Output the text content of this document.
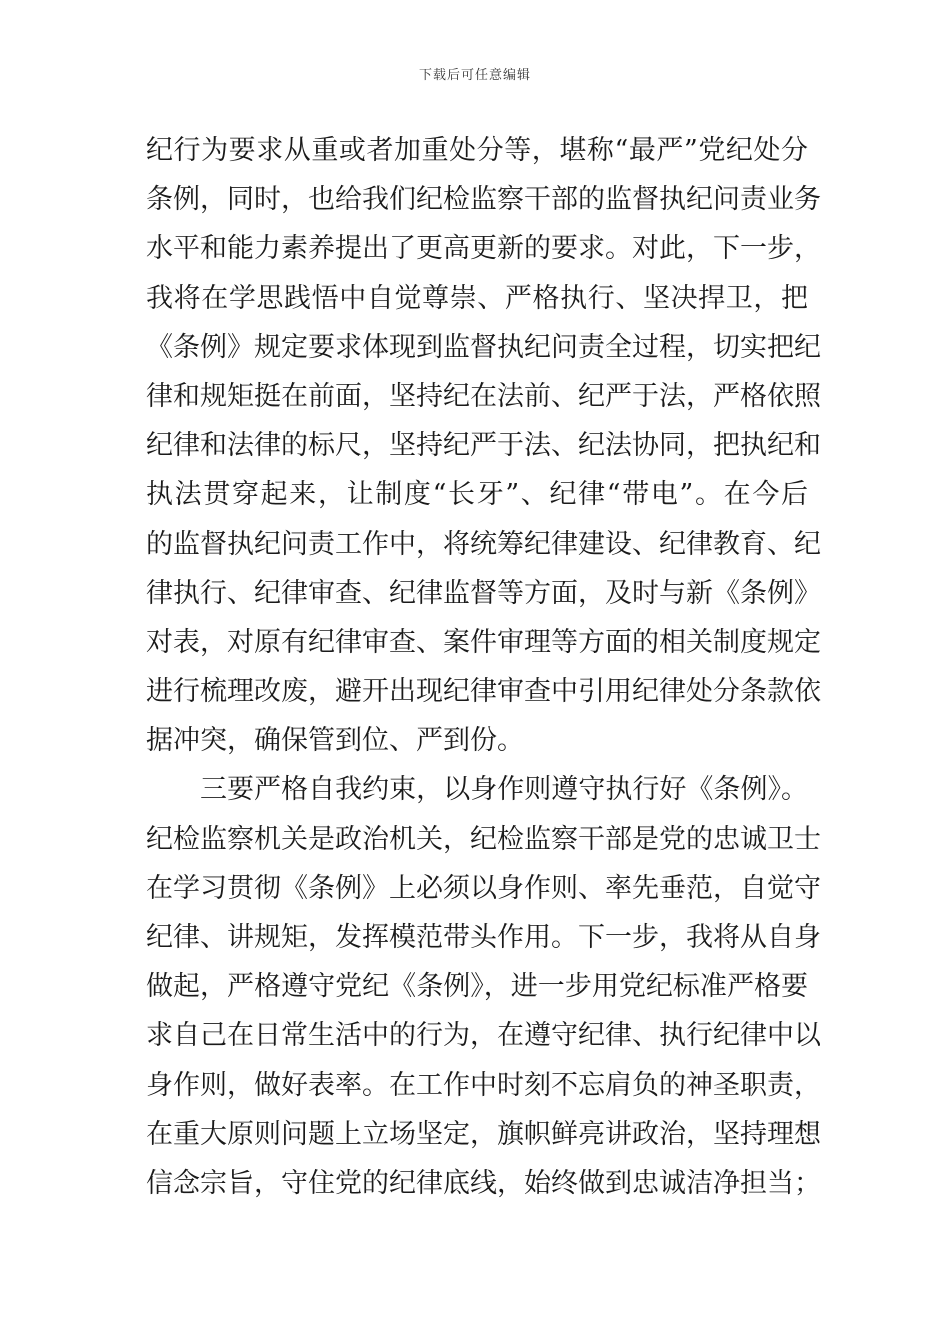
下载后可任意编辑
纪行为要求从重或者加重处分等，堪称“最严”党纪处分
条例，同时，也给我们纪检监察干部的监督执纪问责业务
水平和能力素养提出了更高更新的要求。对此，下一步，
我将在学思践悟中自觉尊崇、严格执行、坚决捍卫，把
《条例》规定要求体现到监督执纪问责全过程，切实把纪
律和规矩挺在前面，坚持纪在法前、纪严于法，严格依照
纪律和法律的标尺，坚持纪严于法、纪法协同，把执纪和
执法贯穿起来，让制度“长牙”、纪律“带电”。在今后
的监督执纪问责工作中，将统筹纪律建设、纪律教育、纪
律执行、纪律审查、纪律监督等方面，及时与新《条例》
对表，对原有纪律审查、案件审理等方面的相关制度规定
进行梳理改废，避开出现纪律审查中引用纪律处分条款依
据冲突，确保管到位、严到份。
三要严格自我约束，以身作则遵守执行好《条例》。
纪检监察机关是政治机关，纪检监察干部是党的忠诚卫士
在学习贯彻《条例》上必须以身作则、率先垂范，自觉守
纪律、讲规矩，发挥模范带头作用。下一步，我将从自身
做起，严格遵守党纪《条例》，进一步用党纪标准严格要
求自己在日常生活中的行为，在遵守纪律、执行纪律中以
身作则，做好表率。在工作中时刻不忘肩负的神圣职责，
在重大原则问题上立场坚定，旗帜鲜亮讲政治，坚持理想
信念宗旨，守住党的纪律底线，始终做到忠诚洁净担当；
